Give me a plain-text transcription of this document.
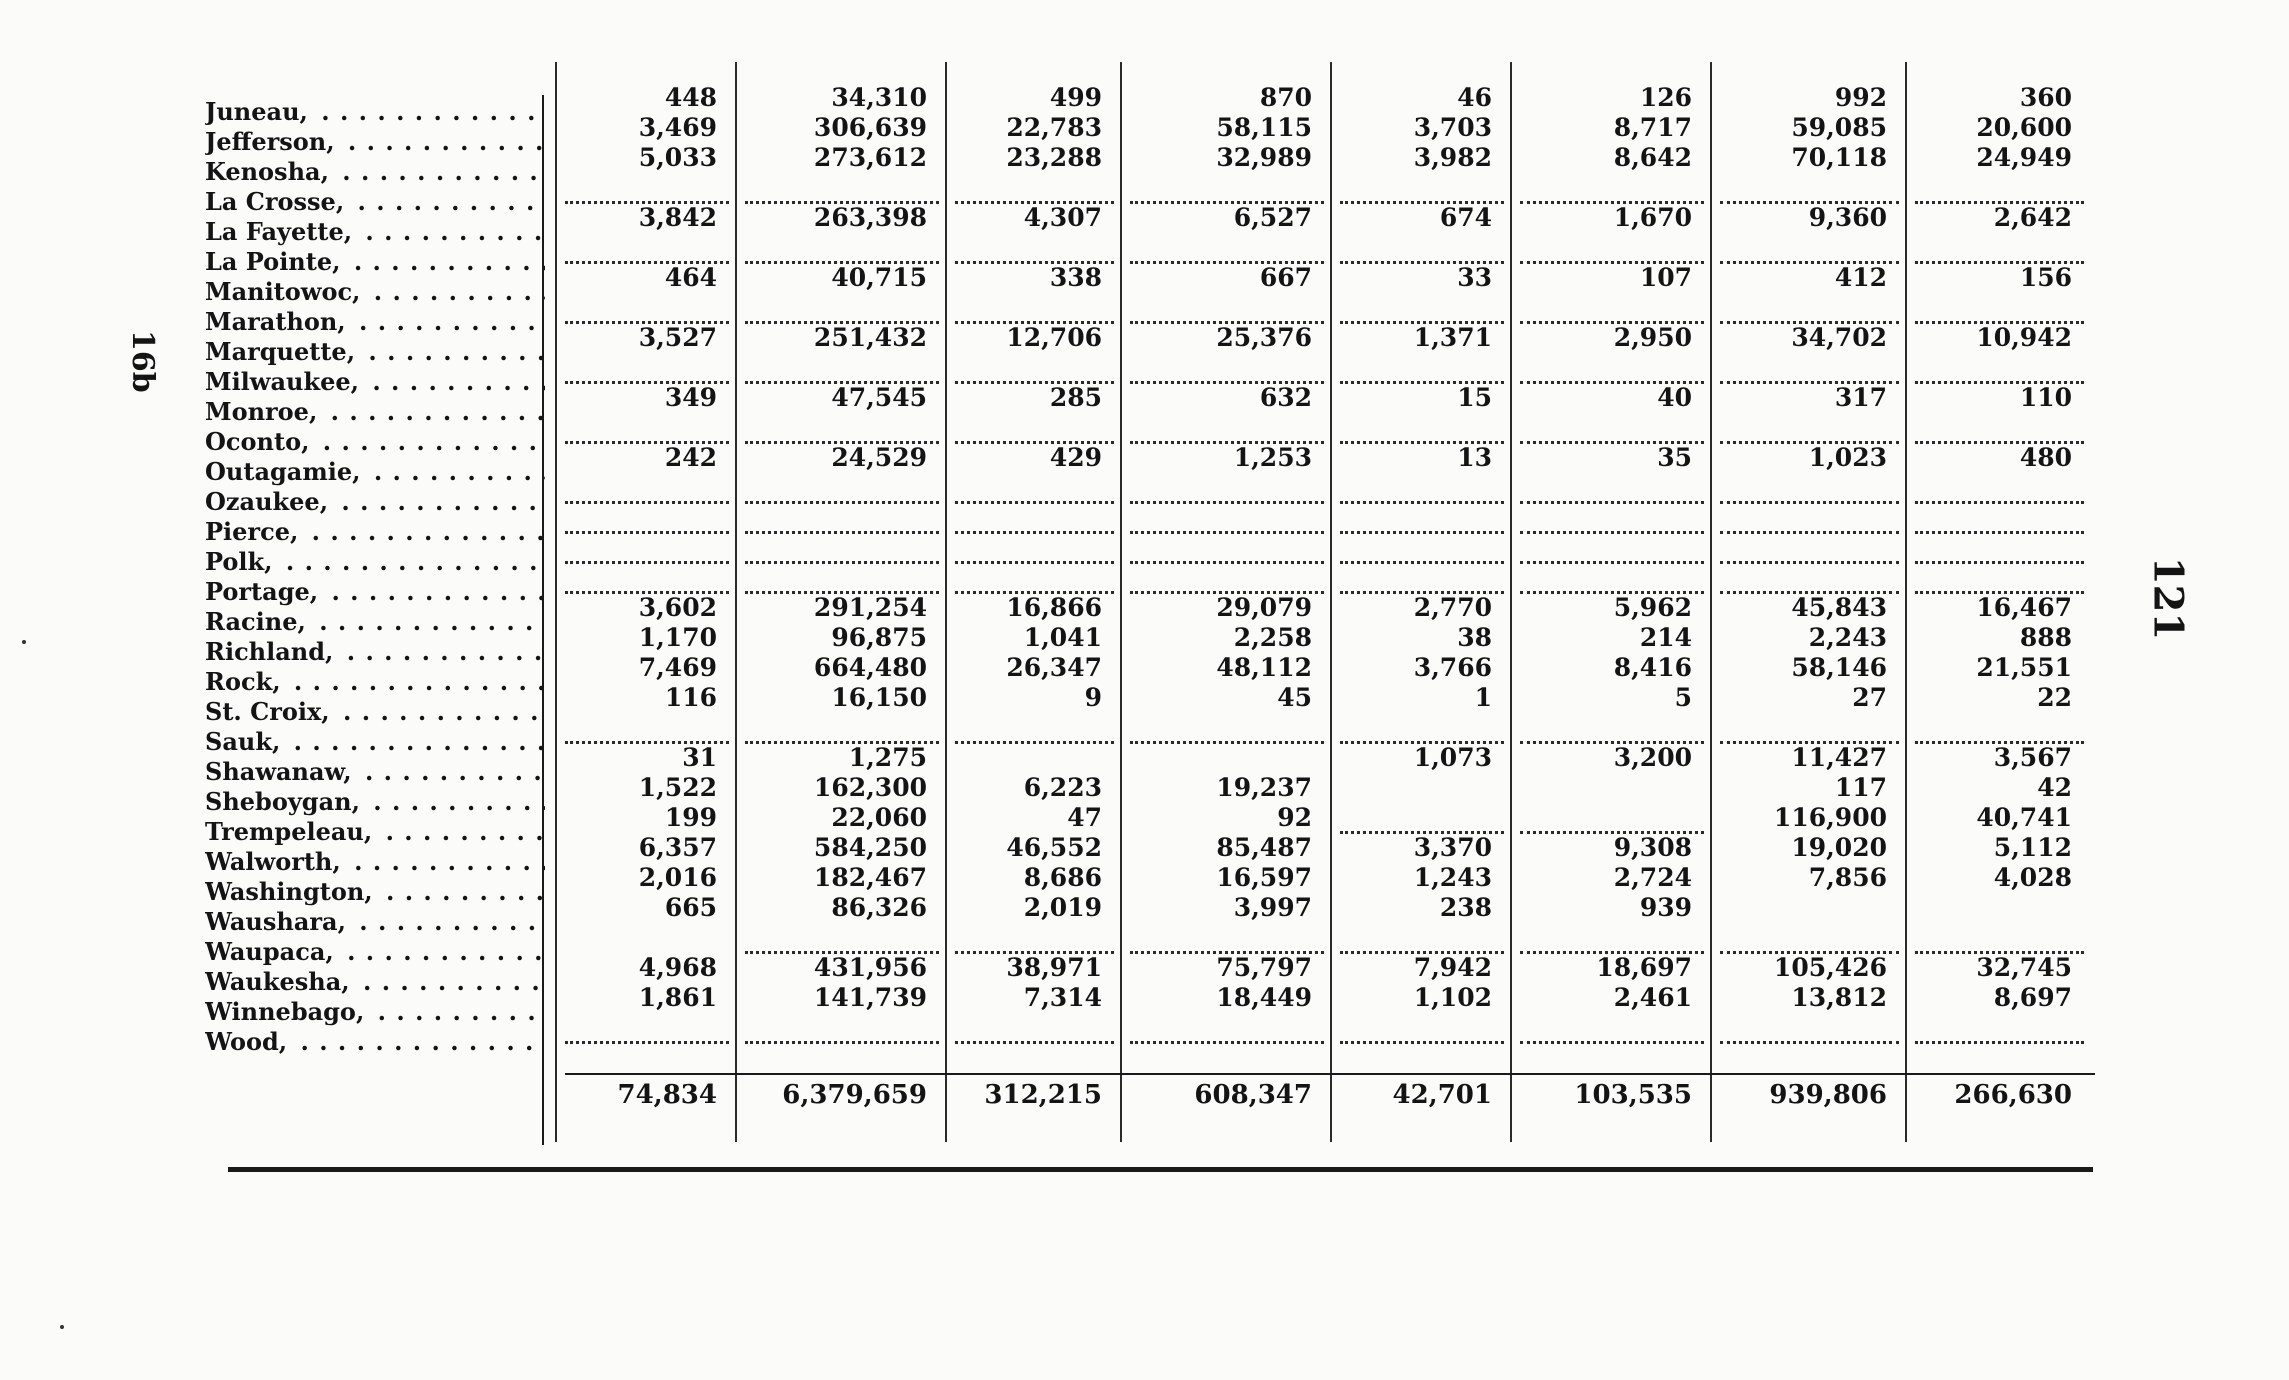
16b
121
Juneau, . . .
Jefferson, . . .
Kenosha, . . .
La Crosse, . . .
La Fayette, . . .
La Pointe, . . .
Manitowoc, . . .
Marathon, . . .
Marquette, . . .
Milwaukee, . . .
Monroe, . . .
Oconto, . . .
Outagamie, . . .
Ozaukee, . . .
Pierce, . . .
Polk, . . .
Portage, . . .
Racine, . . .
Richland, . . .
Rock, . . .
St. Croix, . . .
Sauk, . . .
Shawanaw, . . .
Sheboygan, . . .
Trempeleau, . . .
Walworth, . . .
Washington, . . .
Waushara, . . .
Waupaca, . . .
Waukesha, . . .
Winnebago, . . .
Wood, . . .
448
3,469
5,033
3,842
464
3,527
349
242
3,602
1,170
7,469
116
31
1,522
199
6,357
2,016
665
4,968
1,861
74,834
34,310
306,639
273,612
263,398
40,715
251,432
47,545
24,529
291,254
96,875
664,480
16,150
1,275
162,300
22,060
584,250
182,467
86,326
431,956
141,739
6,379,659
499
22,783
23,288
4,307
338
12,706
285
429
16,866
1,041
26,347
9
6,223
47
46,552
8,686
2,019
38,971
7,314
312,215
870
58,115
32,989
6,527
667
25,376
632
1,253
29,079
2,258
48,112
45
19,237
92
85,487
16,597
3,997
75,797
18,449
608,347
46
3,703
3,982
674
33
1,371
15
13
2,770
38
3,766
1
1,073
3,370
1,243
238
7,942
1,102
42,701
126
8,717
8,642
1,670
107
2,950
40
35
5,962
214
8,416
5
3,200
9,308
2,724
939
18,697
2,461
103,535
992
59,085
70,118
9,360
412
34,702
317
1,023
45,843
2,243
58,146
27
11,427
117
116,900
19,020
7,856
105,426
13,812
939,806
360
20,600
24,949
2,642
156
10,942
110
480
16,467
888
21,551
22
3,567
42
40,741
5,112
4,028
32,745
8,697
266,630
